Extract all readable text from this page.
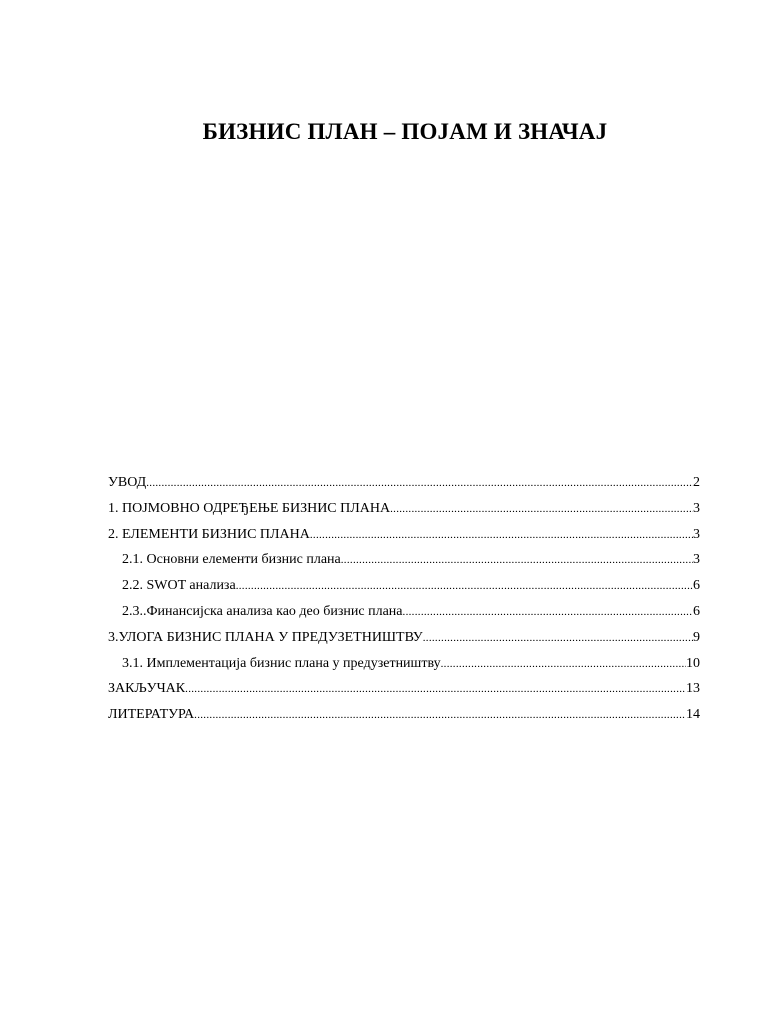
БИЗНИС ПЛАН – ПОЈАМ И ЗНАЧАЈ
УВОД .....	2
1. ПОЈМОВНО ОДРЕЂЕЊЕ БИЗНИС ПЛАНА .....	3
2. ЕЛЕМЕНТИ БИЗНИС ПЛАНА .....	3
2.1. Основни елементи бизнис плана .....	3
2.2. SWOT анализа .....	6
2.3..Финансијска анализа као део бизнис плана .....	6
3.УЛОГА БИЗНИС ПЛАНА У ПРЕДУЗЕТНИШТВУ .....	9
3.1. Имплементација бизнис плана у предузетништву .....	10
ЗАКЉУЧАК .....	13
ЛИТЕРАТУРА .....	14
